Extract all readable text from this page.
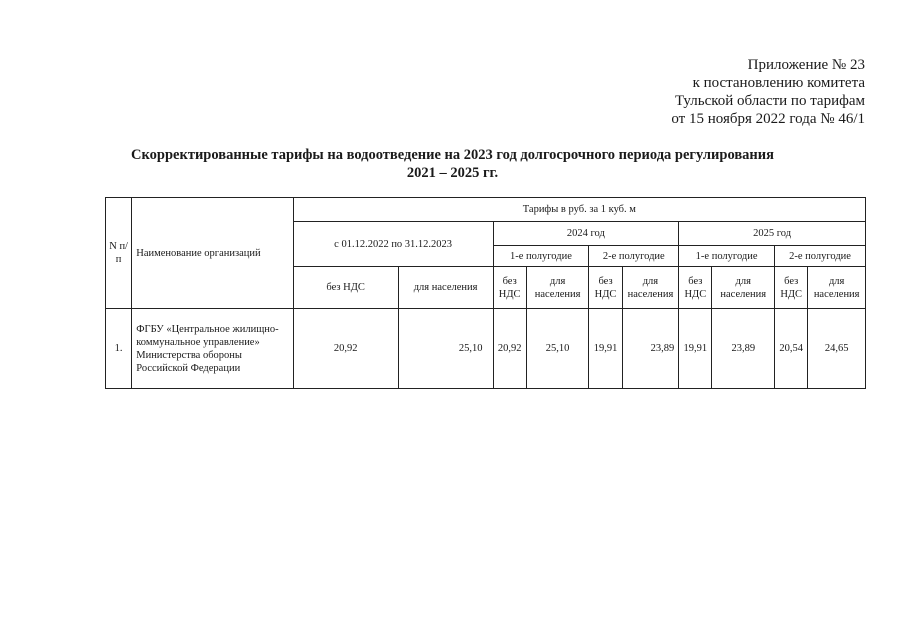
Приложение № 23
к постановлению комитета
Тульской области по тарифам
от 15 ноября 2022 года № 46/1
Скорректированные тарифы на водоотведение на 2023 год долгосрочного периода регулирования
2021 – 2025 гг.
N п/п	Наименование организаций	Тарифы в руб. за 1 куб. м									
		с 01.12.2022 по 31.12.2023		2024 год				2025 год			
				1-е полугодие		2-е полугодие		1-е полугодие		2-е полугодие	
		без НДС	для населения	без НДС	для населения	без НДС	для населения	без НДС	для населения	без НДС	для населения
1.	ФГБУ «Центральное жилищно-коммунальное управление» Министерства обороны Российской Федерации	20,92	25,10	20,92	25,10	19,91	23,89	19,91	23,89	20,54	24,65
